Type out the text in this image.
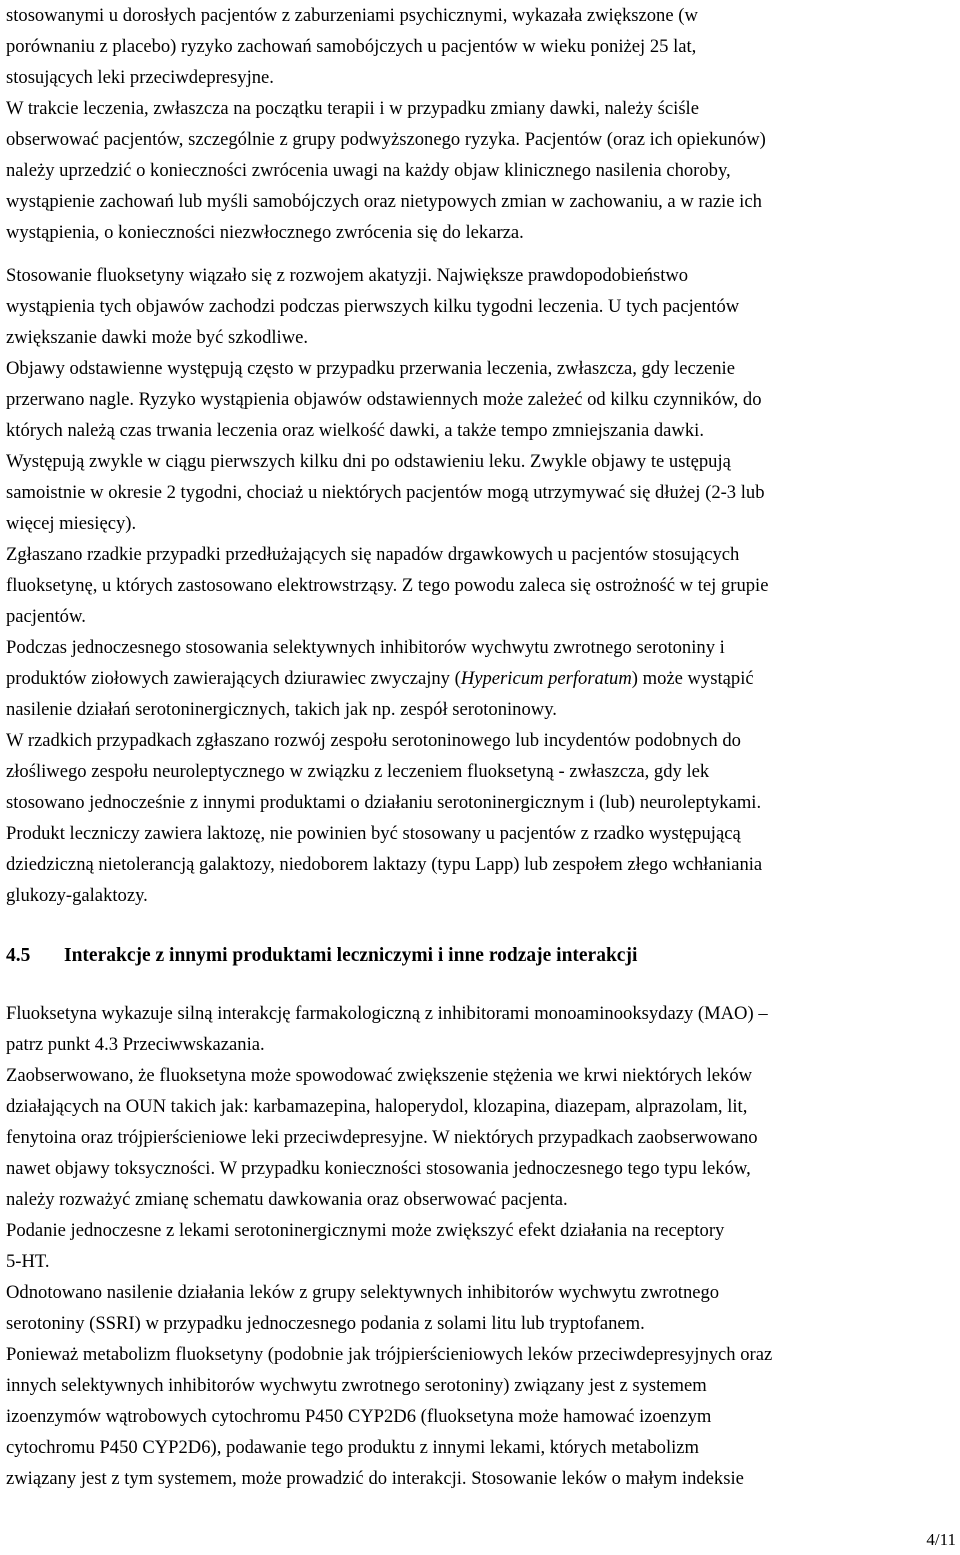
stosowanymi u dorosłych pacjentów z zaburzeniami psychicznymi, wykazała zwiększone (w
porównaniu z placebo) ryzyko zachowań samobójczych u pacjentów w wieku poniżej 25 lat,
stosujących leki przeciwdepresyjne.
W trakcie leczenia, zwłaszcza na początku terapii i w przypadku zmiany dawki, należy ściśle
obserwować pacjentów, szczególnie z grupy podwyższonego ryzyka. Pacjentów (oraz ich opiekunów)
należy uprzedzić o konieczności zwrócenia uwagi na każdy objaw klinicznego nasilenia choroby,
wystąpienie zachowań lub myśli samobójczych oraz nietypowych zmian w zachowaniu, a w razie ich
wystąpienia, o konieczności niezwłocznego zwrócenia się do lekarza.

Stosowanie fluoksetyny wiązało się z rozwojem akatyzji. Największe prawdopodobieństwo
wystąpienia tych objawów zachodzi podczas pierwszych kilku tygodni leczenia. U tych pacjentów
zwiększanie dawki może być szkodliwe.
Objawy odstawienne występują często w przypadku przerwania leczenia, zwłaszcza, gdy leczenie
przerwano nagle. Ryzyko wystąpienia objawów odstawiennych może zależeć od kilku czynników, do
których należą czas trwania leczenia oraz wielkość dawki, a także tempo zmniejszania dawki.
Występują zwykle w ciągu pierwszych kilku dni po odstawieniu leku. Zwykle objawy te ustępują
samoistnie w okresie 2 tygodni, chociaż u niektórych pacjentów mogą utrzymywać się dłużej (2-3 lub
więcej miesięcy).
Zgłaszano rzadkie przypadki przedłużających się napadów drgawkowych u pacjentów stosujących
fluoksetynę, u których zastosowano elektrowstrząsy. Z tego powodu zaleca się ostrożność w tej grupie
pacjentów.

Podczas jednoczesnego stosowania selektywnych inhibitorów wychwytu zwrotnego serotoniny i
produktów ziołowych zawierających dziurawiec zwyczajny (Hypericum perforatum) może wystąpić
nasilenie działań serotoninergicznych, takich jak np. zespół serotoninowy.

W rzadkich przypadkach zgłaszano rozwój zespołu serotoninowego lub incydentów podobnych do
złośliwego zespołu neuroleptycznego w związku z leczeniem fluoksetyną - zwłaszcza, gdy lek
stosowano jednocześnie z innymi produktami o działaniu serotoninergicznym i (lub) neuroleptykami.
Produkt leczniczy zawiera laktozę, nie powinien być stosowany u pacjentów z rzadko występującą
dziedziczną nietolerancją galaktozy, niedoborem laktazy (typu Lapp) lub zespołem złego wchłaniania
glukozy-galaktozy.

4.5	Interakcje z innymi produktami leczniczymi i inne rodzaje interakcji

Fluoksetyna wykazuje silną interakcję farmakologiczną z inhibitorami monoaminooksydazy (MAO) –
patrz punkt 4.3 Przeciwwskazania.
Zaobserwowano, że fluoksetyna może spowodować zwiększenie stężenia we krwi niektórych leków
działających na OUN takich jak: karbamazepina, haloperydol, klozapina, diazepam, alprazolam, lit,
fenytoina oraz trójpierścieniowe leki przeciwdepresyjne. W niektórych przypadkach zaobserwowano
nawet objawy toksyczności. W przypadku konieczności stosowania jednoczesnego tego typu leków,
należy rozważyć zmianę schematu dawkowania oraz obserwować pacjenta.
Podanie jednoczesne z lekami serotoninergicznymi może zwiększyć efekt działania na receptory
5-HT.
Odnotowano nasilenie działania leków z grupy selektywnych inhibitorów wychwytu zwrotnego
serotoniny (SSRI) w przypadku jednoczesnego podania z solami litu lub tryptofanem.
Ponieważ metabolizm fluoksetyny (podobnie jak trójpierścieniowych leków przeciwdepresyjnych oraz
innych selektywnych inhibitorów wychwytu zwrotnego serotoniny) związany jest z systemem
izoenzymów wątrobowych cytochromu P450 CYP2D6 (fluoksetyna może hamować izoenzym
cytochromu P450 CYP2D6), podawanie tego produktu z innymi lekami, których metabolizm
związany jest z tym systemem, może prowadzić do interakcji. Stosowanie leków o małym indeksie

4/11
